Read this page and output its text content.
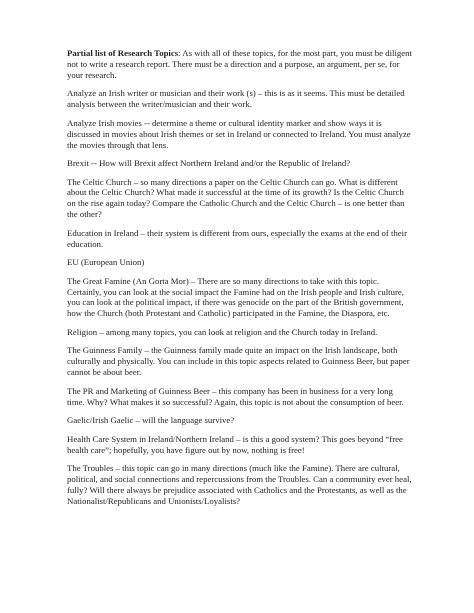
Partial list of Research Topics: As with all of these topics, for the most part, you must be diligent not to write a research report. There must be a direction and a purpose, an argument, per se, for your research.

Analyze an Irish writer or musician and their work (s) – this is as it seems. This must be detailed analysis between the writer/musician and their work.

Analyze Irish movies -- determine a theme or cultural identity marker and show ways it is discussed in movies about Irish themes or set in Ireland or connected to Ireland. You must analyze the movies through that lens.

Brexit -- How will Brexit affect Northern Ireland and/or the Republic of Ireland?

The Celtic Church – so many directions a paper on the Celtic Church can go. What is different about the Celtic Church? What made it successful at the time of its growth? Is the Celtic Church on the rise again today? Compare the Catholic Church and the Celtic Church – is one better than the other?

Education in Ireland – their system is different from ours, especially the exams at the end of their education.

EU (European Union)

The Great Famine (An Gorta Mor) – There are so many directions to take with this topic. Certainly, you can look at the social impact the Famine had on the Irish people and Irish culture, you can look at the political impact, if there was genocide on the part of the British government, how the Church (both Protestant and Catholic) participated in the Famine, the Diaspora, etc.

Religion – among many topics, you can look at religion and the Church today in Ireland.

The Guinness Family – the Guinness family made quite an impact on the Irish landscape, both culturally and physically. You can include in this topic aspects related to Guinness Beer, but paper cannot be about beer.

The PR and Marketing of Guinness Beer – this company has been in business for a very long time. Why? What makes it so successful? Again, this topic is not about the consumption of beer.

Gaelic/Irish Gaelic – will the language survive?

Health Care System in Ireland/Northern Ireland – is this a good system? This goes beyond “free health care”; hopefully, you have figure out by now, nothing is free!

The Troubles – this topic can go in many directions (much like the Famine). There are cultural, political, and social connections and repercussions from the Troubles. Can a community ever heal, fully? Will there always be prejudice associated with Catholics and the Protestants, as well as the Nationalist/Republicans and Unionists/Loyalists?
